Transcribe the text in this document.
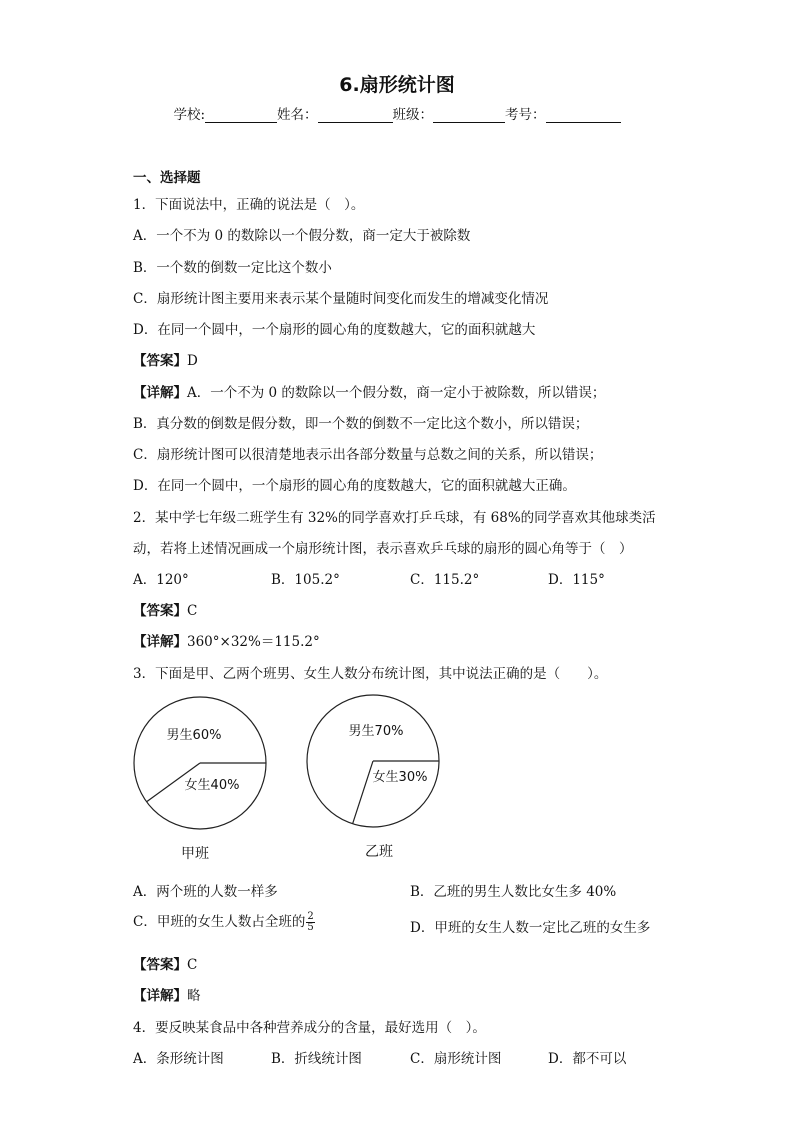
6.扇形统计图
学校:	姓名：	班级：	考号：
一、选择题
1．下面说法中，正确的说法是（　）。
A．一个不为 0 的数除以一个假分数，商一定大于被除数
B．一个数的倒数一定比这个数小
C．扇形统计图主要用来表示某个量随时间变化而发生的增减变化情况
D．在同一个圆中，一个扇形的圆心角的度数越大，它的面积就越大
【答案】D
【详解】A．一个不为 0 的数除以一个假分数，商一定小于被除数，所以错误；
B．真分数的倒数是假分数，即一个数的倒数不一定比这个数小，所以错误；
C．扇形统计图可以很清楚地表示出各部分数量与总数之间的关系，所以错误；
D．在同一个圆中，一个扇形的圆心角的度数越大，它的面积就越大正确。
2．某中学七年级二班学生有 32%的同学喜欢打乒乓球，有 68%的同学喜欢其他球类活
动，若将上述情况画成一个扇形统计图，表示喜欢乒乓球的扇形的圆心角等于（　）
A．120°	B．105.2°	C．115.2°	D．115°
【答案】C
【详解】360°×32%＝115.2°
3．下面是甲、乙两个班男、女生人数分布统计图，其中说法正确的是（　　）。
男生60%
女生40%
男生70%
女生30%
甲班	乙班
A．两个班的人数一样多	B．乙班的男生人数比女生多 40%
C．甲班的女生人数占全班的 $\frac{2}{5}$	D．甲班的女生人数一定比乙班的女生多
【答案】C
【详解】略
4．要反映某食品中各种营养成分的含量，最好选用（　）。
A．条形统计图	B．折线统计图	C．扇形统计图	D．都不可以
